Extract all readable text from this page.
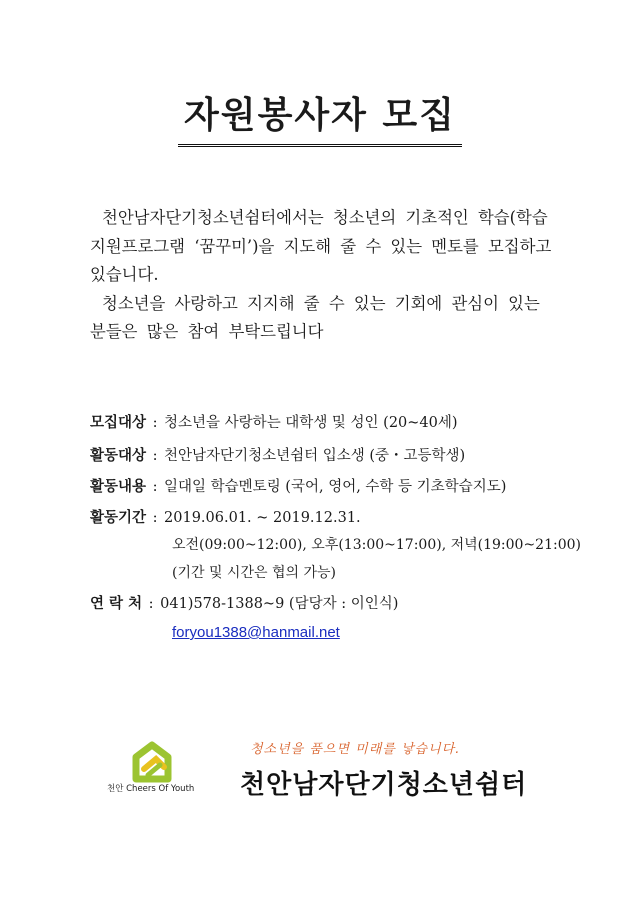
자원봉사자 모집

천안남자단기청소년쉼터에서는 청소년의 기초적인 학습(학습지원프로그램 ‘꿈꾸미’)을 지도해 줄 수 있는 멘토를 모집하고 있습니다.

청소년을 사랑하고 지지해 줄 수 있는 기회에 관심이 있는 분들은 많은 참여 부탁드립니다

모집대상 : 청소년을 사랑하는 대학생 및 성인 (20~40세)
활동대상 : 천안남자단기청소년쉼터 입소생 (중・고등학생)
활동내용 : 일대일 학습멘토링 (국어, 영어, 수학 등 기초학습지도)
활동기간 : 2019.06.01. ~ 2019.12.31.
오전(09:00~12:00), 오후(13:00~17:00), 저녁(19:00~21:00)
(기간 및 시간은 협의 가능)
연 락 처 : 041)578-1388~9 (담당자 : 이인식)
foryou1388@hanmail.net
천안 Cheers Of Youth
청소년을 품으면 미래를 낳습니다.
천안남자단기청소년쉼터
